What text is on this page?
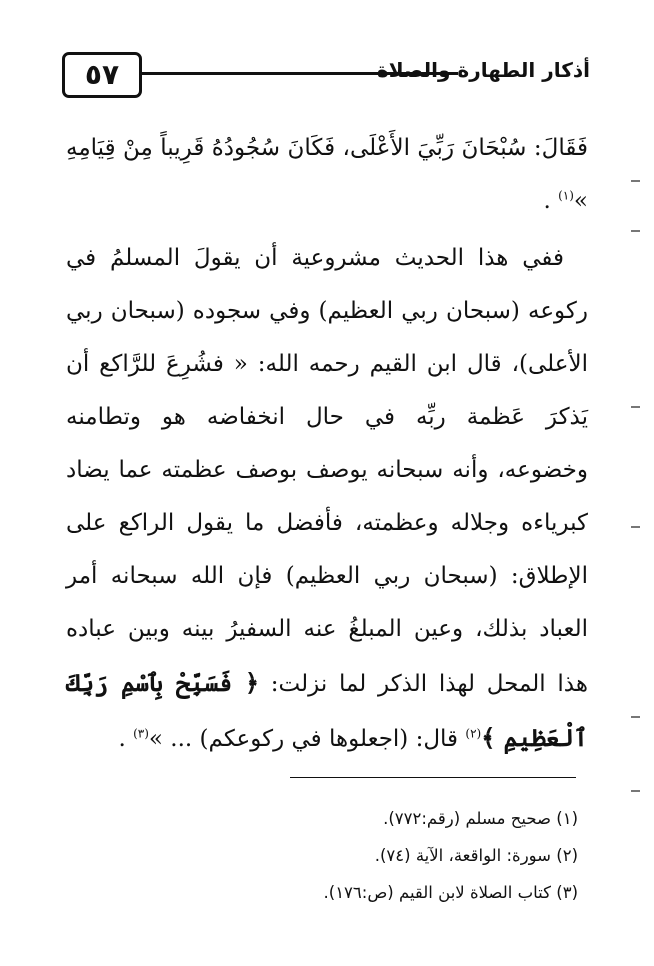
٥٧	أذكار الطهارة والصلاة

فَقَالَ: سُبْحَانَ رَبِّيَ الأَعْلَى، فَكَانَ سُجُودُهُ قَرِيباً مِنْ قِيَامِهِ »$^{(١)}$ .

ففي هذا الحديث مشروعية أن يقولَ المسلمُ في ركوعه (سبحان ربي العظيم) وفي سجوده (سبحان ربي الأعلى)، قال ابن القيم رحمه الله: « فشُرِعَ للرَّاكع أن يَذكرَ عَظمة ربِّه في حال انخفاضه هو وتطامنه وخضوعه، وأنه سبحانه يوصف بوصف عظمته عما يضاد كبرياءه وجلاله وعظمته، فأفضل ما يقول الراكع على الإطلاق: (سبحان ربي العظيم) فإن الله سبحانه أمر العباد بذلك، وعين المبلغُ عنه السفيرُ بينه وبين عباده هذا المحل لهذا الذكر لما نزلت: ﴿ فَسَبِّحْ بِٱسْمِ رَبِّكَ ٱلْعَظِيمِ ﴾$^{(٢)}$ قال: (اجعلوها في ركوعكم) ... »$^{(٣)}$ .

(١) صحيح مسلم (رقم:٧٧٢).
(٢) سورة: الواقعة، الآية (٧٤).
(٣) كتاب الصلاة لابن القيم (ص:١٧٦).
